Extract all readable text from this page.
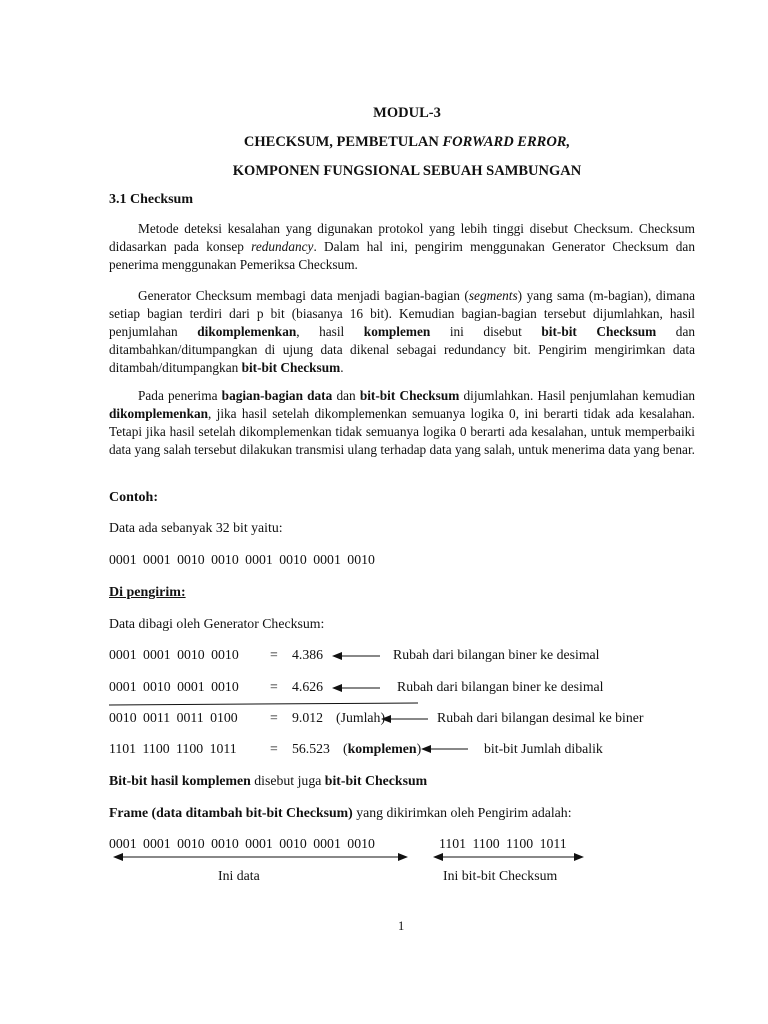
MODUL-3
CHECKSUM, PEMBETULAN FORWARD ERROR,
KOMPONEN FUNGSIONAL SEBUAH SAMBUNGAN
3.1 Checksum
Metode deteksi kesalahan yang digunakan protokol yang lebih tinggi disebut Checksum. Checksum didasarkan pada konsep redundancy. Dalam hal ini, pengirim menggunakan Generator Checksum dan penerima menggunakan Pemeriksa Checksum.
Generator Checksum membagi data menjadi bagian-bagian (segments) yang sama (m-bagian), dimana setiap bagian terdiri dari p bit (biasanya 16 bit). Kemudian bagian-bagian tersebut dijumlahkan, hasil penjumlahan dikomplemenkan, hasil komplemen ini disebut bit-bit Checksum dan ditambahkan/ditumpangkan di ujung data dikenal sebagai redundancy bit. Pengirim mengirimkan data ditambah/ditumpangkan bit-bit Checksum.
Pada penerima bagian-bagian data dan bit-bit Checksum dijumlahkan. Hasil penjumlahan kemudian dikomplemenkan, jika hasil setelah dikomplemenkan semuanya logika 0, ini berarti tidak ada kesalahan. Tetapi jika hasil setelah dikomplemenkan tidak semuanya logika 0 berarti ada kesalahan, untuk memperbaiki data yang salah tersebut dilakukan transmisi ulang terhadap data yang salah, untuk menerima data yang benar.
Contoh:
Data ada sebanyak 32 bit yaitu:
0001 0001 0010 0010 0001 0010 0001 0010
Di pengirim:
Data dibagi oleh Generator Checksum:
0001 0001 0010 0010 = 4.386	Rubah dari bilangan biner ke desimal
0001 0010 0001 0010 = 4.626	Rubah dari bilangan biner ke desimal
0010 0011 0011 0100 = 9.012 (Jumlah)	Rubah dari bilangan desimal ke biner
1101 1100 1100 1011 = 56.523 (komplemen)	bit-bit Jumlah dibalik
Bit-bit hasil komplemen disebut juga bit-bit Checksum
Frame (data ditambah bit-bit Checksum) yang dikirimkan oleh Pengirim adalah:
0001 0001 0010 0010 0001 0010 0001 0010	1101 1100 1100 1011
Ini data	Ini bit-bit Checksum
1
